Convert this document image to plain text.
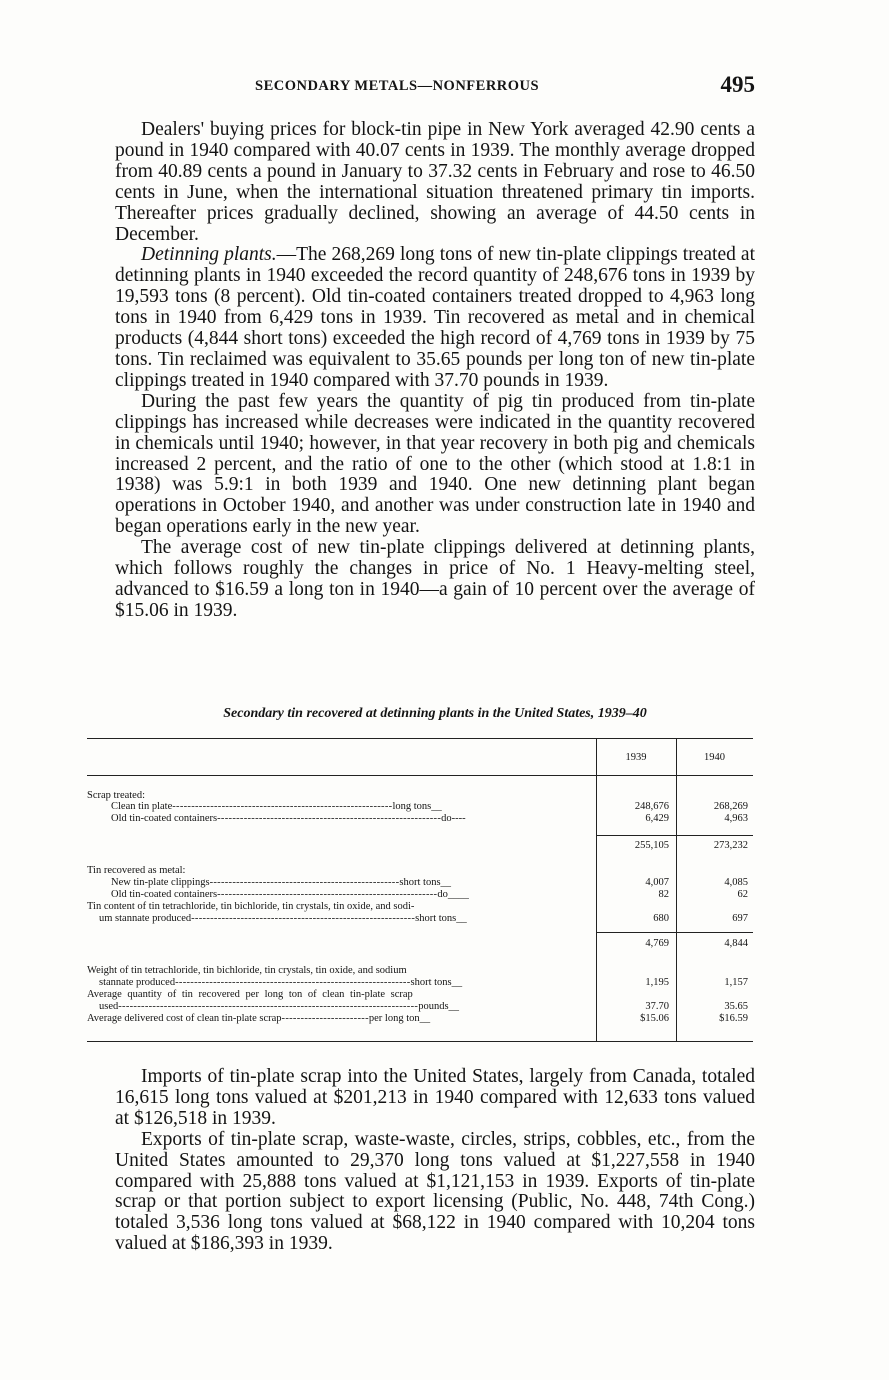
SECONDARY METALS—NONFERROUS	495

  Dealers' buying prices for block-tin pipe in New York averaged 42.90 cents a pound in 1940 compared with 40.07 cents in 1939. The monthly average dropped from 40.89 cents a pound in January to 37.32 cents in February and rose to 46.50 cents in June, when the international situation threatened primary tin imports. Thereafter prices gradually declined, showing an average of 44.50 cents in December.

  Detinning plants.—The 268,269 long tons of new tin-plate clippings treated at detinning plants in 1940 exceeded the record quantity of 248,676 tons in 1939 by 19,593 tons (8 percent). Old tin-coated containers treated dropped to 4,963 long tons in 1940 from 6,429 tons in 1939. Tin recovered as metal and in chemical products (4,844 short tons) exceeded the high record of 4,769 tons in 1939 by 75 tons. Tin reclaimed was equivalent to 35.65 pounds per long ton of new tin-plate clippings treated in 1940 compared with 37.70 pounds in 1939.

  During the past few years the quantity of pig tin produced from tin-plate clippings has increased while decreases were indicated in the quantity recovered in chemicals until 1940; however, in that year recovery in both pig and chemicals increased 2 percent, and the ratio of one to the other (which stood at 1.8:1 in 1938) was 5.9:1 in both 1939 and 1940. One new detinning plant began operations in October 1940, and another was under construction late in 1940 and began operations early in the new year.

  The average cost of new tin-plate clippings delivered at detinning plants, which follows roughly the changes in price of No. 1 Heavy-melting steel, advanced to $16.59 a long ton in 1940—a gain of 10 percent over the average of $15.06 in 1939.

Secondary tin recovered at detinning plants in the United States, 1939–40
1939	1940
Scrap treated:
Clean tin plate----------------------------------------------------------long tons__	248,676	268,269
Old tin-coated containers-----------------------------------------------------------do----	6,429	4,963
255,105	273,232
Tin recovered as metal:
New tin-plate clippings--------------------------------------------------short tons__	4,007	4,085
Old tin-coated containers----------------------------------------------------------do____	82	62
Tin content of tin tetrachloride, tin bichloride, tin crystals, tin oxide, and sodi-
um stannate produced-----------------------------------------------------------short tons__	680	697
4,769	4,844
Weight of tin tetrachloride, tin bichloride, tin crystals, tin oxide, and sodium
stannate produced--------------------------------------------------------------short tons__	1,195	1,157
Average quantity of tin recovered per long ton of clean tin-plate scrap
used-------------------------------------------------------------------------------pounds__	37.70	35.65
Average delivered cost of clean tin-plate scrap-----------------------per long ton__	$15.06	$16.59

  Imports of tin-plate scrap into the United States, largely from Canada, totaled 16,615 long tons valued at $201,213 in 1940 compared with 12,633 tons valued at $126,518 in 1939.

  Exports of tin-plate scrap, waste-waste, circles, strips, cobbles, etc., from the United States amounted to 29,370 long tons valued at $1,227,558 in 1940 compared with 25,888 tons valued at $1,121,153 in 1939. Exports of tin-plate scrap or that portion subject to export licensing (Public, No. 448, 74th Cong.) totaled 3,536 long tons valued at $68,122 in 1940 compared with 10,204 tons valued at $186,393 in 1939.
